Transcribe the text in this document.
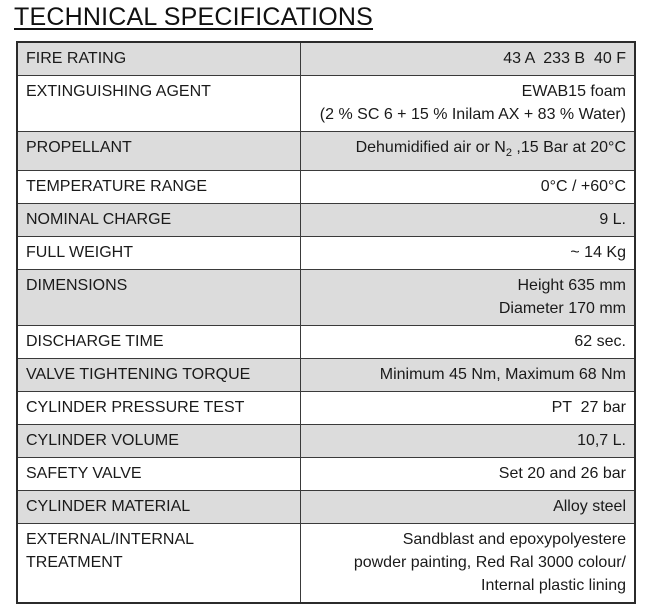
TECHNICAL SPECIFICATIONS
FIRE RATING	43 A  233 B  40 F
EXTINGUISHING AGENT	EWAB15 foam
(2 % SC 6 + 15 % Inilam AX + 83 % Water)

PROPELLANT	Dehumidified air or $N_2$ ,15 Bar at 20°C
TEMPERATURE RANGE	0°C / +60°C
NOMINAL CHARGE	9 L.
FULL WEIGHT	~ 14 Kg
DIMENSIONS	Height 635 mm
Diameter 170 mm

DISCHARGE TIME	62 sec.
VALVE TIGHTENING TORQUE	Minimum 45 Nm, Maximum 68 Nm
CYLINDER PRESSURE TEST	PT  27 bar
CYLINDER VOLUME	10,7 L.
SAFETY VALVE	Set 20 and 26 bar
CYLINDER MATERIAL	Alloy steel
EXTERNAL/INTERNAL TREATMENT	Sandblast and epoxypolyestere
powder painting, Red Ral 3000 colour/
Internal plastic lining
